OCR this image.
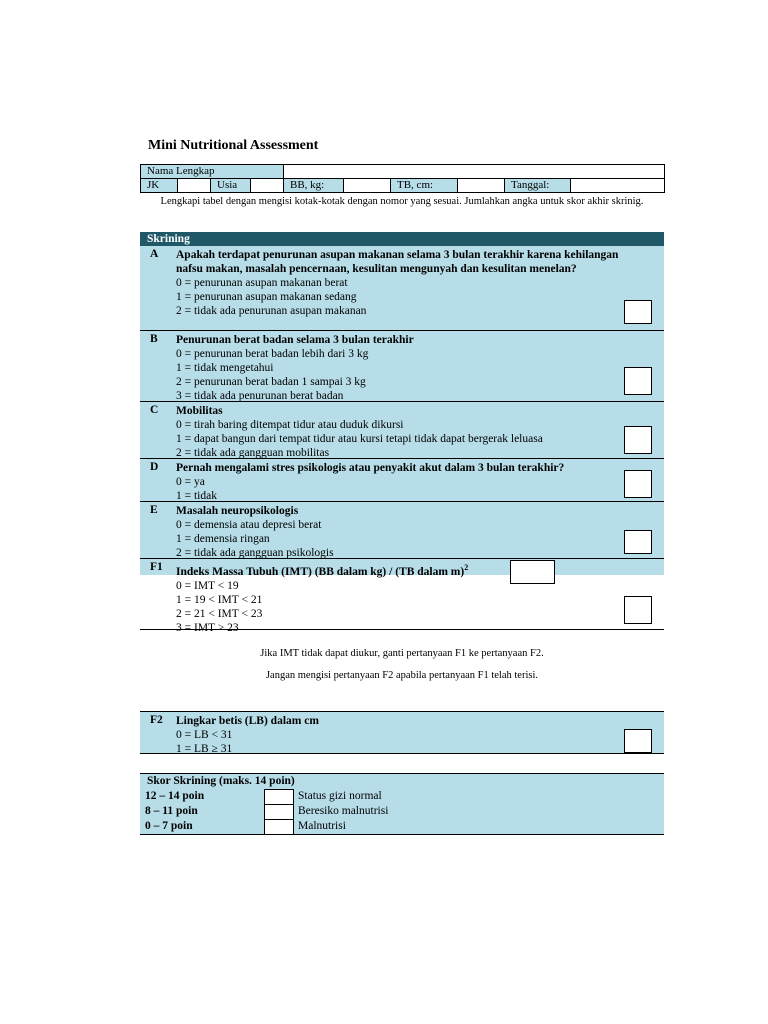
Mini Nutritional Assessment
Nama Lengkap									
JK		Usia		BB, kg:		TB, cm:		Tanggal:	
Lengkapi tabel dengan mengisi kotak-kotak dengan nomor yang sesuai. Jumlahkan angka untuk skor akhir skrinig.
Skrining
A Apakah terdapat penurunan asupan makanan selama 3 bulan terakhir karena kehilangan nafsu makan, masalah pencernaan, kesulitan mengunyah dan kesulitan menelan?
0 = penurunan asupan makanan berat
1 = penurunan asupan makanan sedang
2 = tidak ada penurunan asupan makanan
B Penurunan berat badan selama 3 bulan terakhir
0 = penurunan berat badan lebih dari 3 kg
1 = tidak mengetahui
2 = penurunan berat badan 1 sampai 3 kg
3 = tidak ada penurunan berat badan
C Mobilitas
0 = tirah baring ditempat tidur atau duduk dikursi
1 = dapat bangun dari tempat tidur atau kursi tetapi tidak dapat bergerak leluasa
2 = tidak ada gangguan mobilitas
D Pernah mengalami stres psikologis atau penyakit akut dalam 3 bulan terakhir?
0 = ya
1 = tidak
E Masalah neuropsikologis
0 = demensia atau depresi berat
1 = demensia ringan
2 = tidak ada gangguan psikologis
F1 Indeks Massa Tubuh (IMT) (BB dalam kg) / (TB dalam m)$^2$
0 = IMT < 19
1 = 19 < IMT < 21
2 = 21 < IMT < 23
3 = IMT > 23
Jika IMT tidak dapat diukur, ganti pertanyaan F1 ke pertanyaan F2.
Jangan mengisi pertanyaan F2 apabila pertanyaan F1 telah terisi.
F2 Lingkar betis (LB) dalam cm
0 = LB < 31
1 = LB ≥ 31
Skor Skrining (maks. 14 poin)
12 – 14 poin	Status gizi normal
8 – 11 poin	Beresiko malnutrisi
0 – 7 poin	Malnutrisi
